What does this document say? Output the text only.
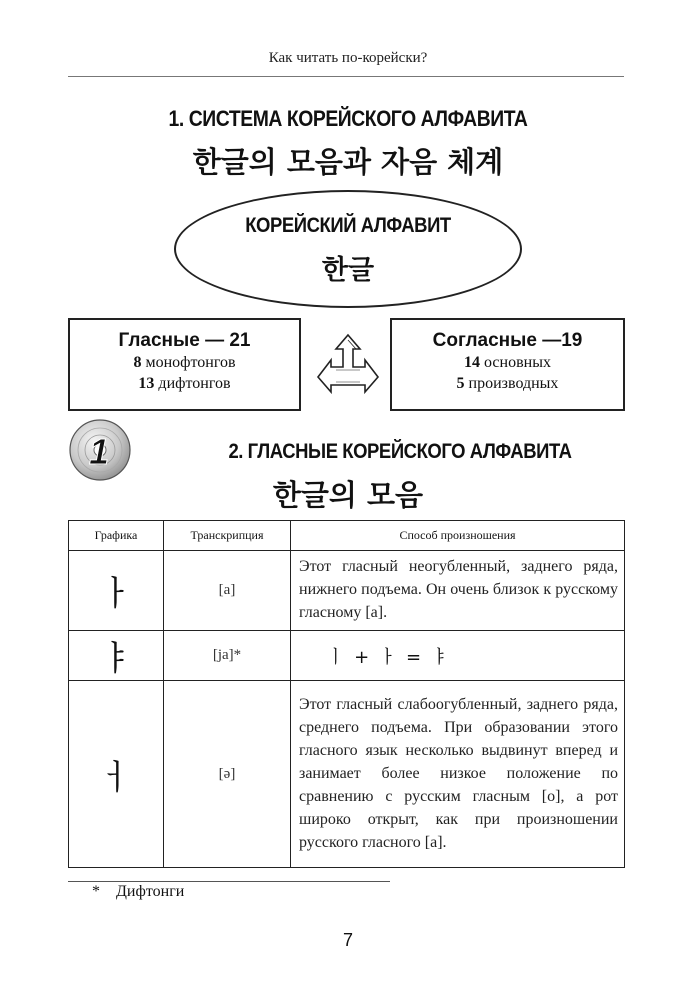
Как читать по-корейски?
1. СИСТЕМА КОРЕЙСКОГО АЛФАВИТА
한글의 모음과 자음 체계
КОРЕЙСКИЙ АЛФАВИТ
한글
Гласные — 21
8 монофтонгов
13 дифтонгов
Согласные —19
14 основных
5 производных
1	2. ГЛАСНЫЕ КОРЕЙСКОГО АЛФАВИТА
한글의 모음
Графика	Транскрипция	Способ произношения
ㅏ	[а]	Этот гласный неогубленный, заднего ряда, нижнего подъема. Он очень близок к русскому гласному [а].
ㅑ	[jа]*	ㅣ + ㅏ = ㅑ
ㅓ	[ə]	Этот гласный слабоогубленный, заднего ряда, среднего подъема. При образовании этого гласного язык несколько выдвинут вперед и занимает более низкое положение по сравнению с русским гласным [о], а рот широко открыт, как при произношении русского гласного [а].
* Дифтонги
7
